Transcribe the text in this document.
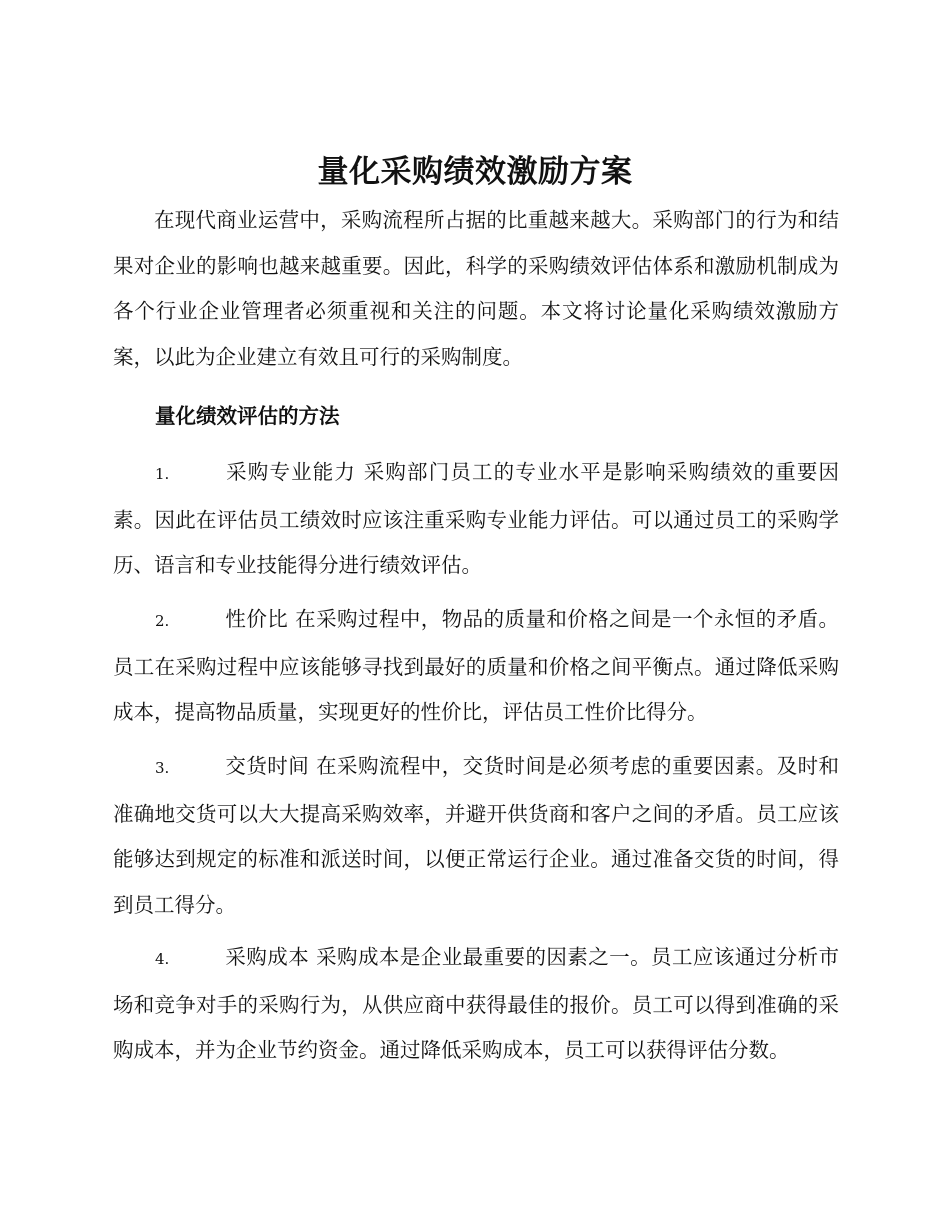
量化采购绩效激励方案

在现代商业运营中，采购流程所占据的比重越来越大。采购部门的行为和结果对企业的影响也越来越重要。因此，科学的采购绩效评估体系和激励机制成为各个行业企业管理者必须重视和关注的问题。本文将讨论量化采购绩效激励方案，以此为企业建立有效且可行的采购制度。

量化绩效评估的方法

1.	采购专业能力 采购部门员工的专业水平是影响采购绩效的重要因素。因此在评估员工绩效时应该注重采购专业能力评估。可以通过员工的采购学历、语言和专业技能得分进行绩效评估。

2.	性价比 在采购过程中，物品的质量和价格之间是一个永恒的矛盾。员工在采购过程中应该能够寻找到最好的质量和价格之间平衡点。通过降低采购成本，提高物品质量，实现更好的性价比，评估员工性价比得分。

3.	交货时间 在采购流程中，交货时间是必须考虑的重要因素。及时和准确地交货可以大大提高采购效率，并避开供货商和客户之间的矛盾。员工应该能够达到规定的标准和派送时间，以便正常运行企业。通过准备交货的时间，得到员工得分。

4.	采购成本 采购成本是企业最重要的因素之一。员工应该通过分析市场和竞争对手的采购行为，从供应商中获得最佳的报价。员工可以得到准确的采购成本，并为企业节约资金。通过降低采购成本，员工可以获得评估分数。
